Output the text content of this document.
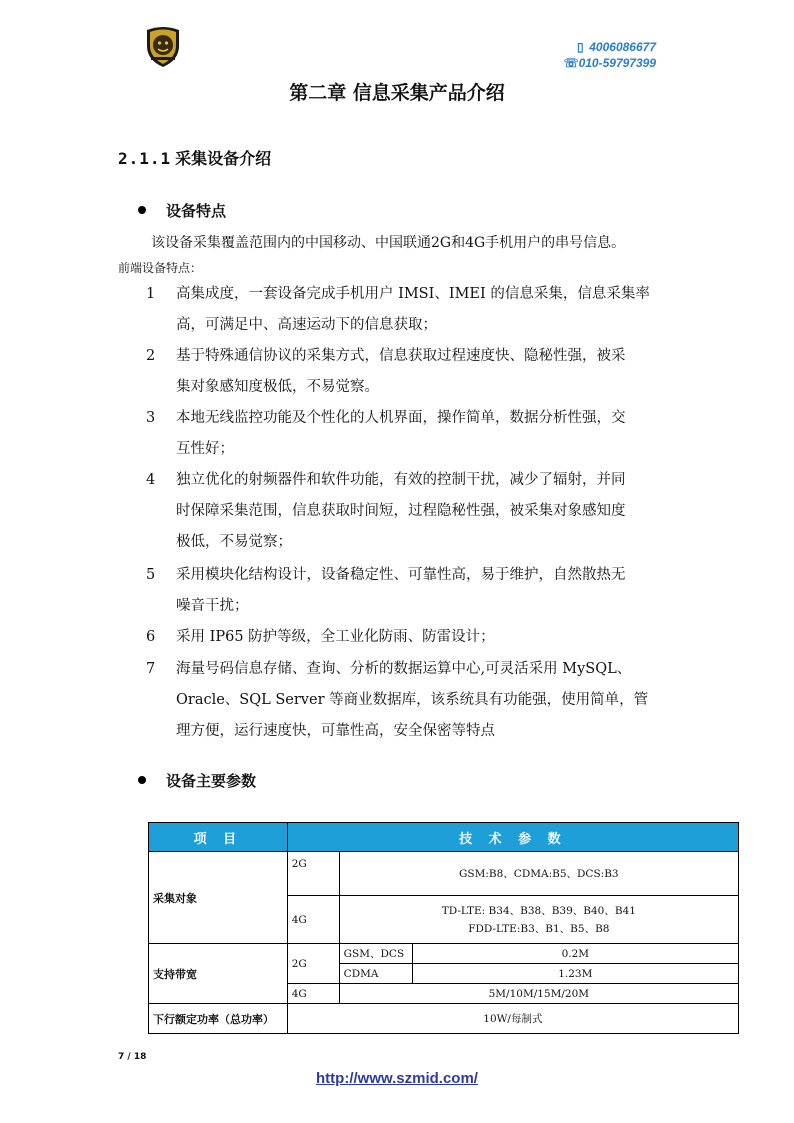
▯ 4006086677
☏010-59797399
第二章 信息采集产品介绍
2.1.1 采集设备介绍
设备特点
该设备采集覆盖范围内的中国移动、中国联通2G和4G手机用户的串号信息。
前端设备特点：
1	高集成度，一套设备完成手机用户 IMSI、IMEI 的信息采集，信息采集率
高，可满足中、高速运动下的信息获取；
2	基于特殊通信协议的采集方式，信息获取过程速度快、隐秘性强，被采
集对象感知度极低，不易觉察。
3	本地无线监控功能及个性化的人机界面，操作简单，数据分析性强，交
互性好；
4	独立优化的射频器件和软件功能，有效的控制干扰，减少了辐射，并同
时保障采集范围，信息获取时间短，过程隐秘性强，被采集对象感知度
极低，不易觉察；
5	采用模块化结构设计，设备稳定性、可靠性高，易于维护，自然散热无
噪音干扰；
6	采用 IP65 防护等级，全工业化防雨、防雷设计；
7	海量号码信息存储、查询、分析的数据运算中心,可灵活采用 MySQL、
Oracle、SQL Server 等商业数据库，该系统具有功能强，使用简单，管
理方便，运行速度快，可靠性高，安全保密等特点
设备主要参数
项 目	技 术 参 数		
采集对象	2G	GSM:B8、CDMA:B5、DCS:B3	
	4G	TD-LTE: B34、B38、B39、B40、B41
FDD-LTE:B3、B1、B5、B8	

支持带宽	2G	GSM、DCS	0.2M
		CDMA	1.23M
	4G	5M/10M/15M/20M	
下行额定功率（总功率）	10W/每制式		
7 / 18
http://www.szmid.com/
